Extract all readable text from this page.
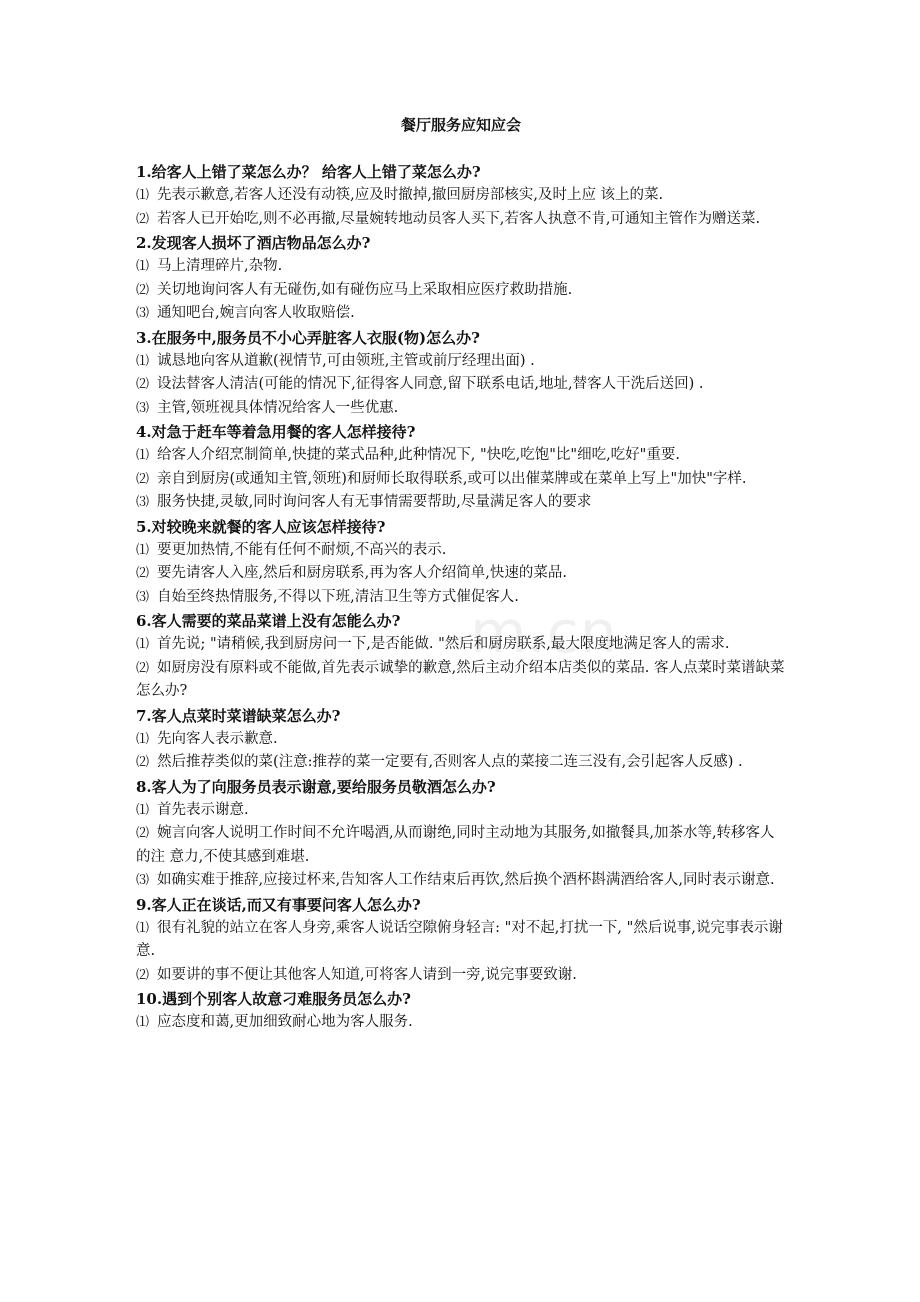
m.cn
餐厅服务应知应会
1.给客人上错了菜怎么办？ 给客人上错了菜怎么办?
⑴ 先表示歉意,若客人还没有动筷,应及时撤掉,撤回厨房部核实,及时上应 该上的菜.
⑵ 若客人已开始吃,则不必再撤,尽量婉转地动员客人买下,若客人执意不肯,可通知主管作为赠送菜.
2.发现客人损坏了酒店物品怎么办?
⑴ 马上清理碎片,杂物.
⑵ 关切地询问客人有无碰伤,如有碰伤应马上采取相应医疗救助措施.
⑶ 通知吧台,婉言向客人收取赔偿.
3.在服务中,服务员不小心弄脏客人衣服(物)怎么办?
⑴ 诚恳地向客从道歉(视情节,可由领班,主管或前厅经理出面) .
⑵ 设法替客人清洁(可能的情况下,征得客人同意,留下联系电话,地址,替客人干洗后送回) .
⑶ 主管,领班视具体情况给客人一些优惠.
4.对急于赶车等着急用餐的客人怎样接待?
⑴ 给客人介绍烹制简单,快捷的菜式品种,此种情况下, "快吃,吃饱"比"细吃,吃好"重要.
⑵ 亲自到厨房(或通知主管,领班)和厨师长取得联系,或可以出催菜牌或在菜单上写上"加快"字样.
⑶ 服务快捷,灵敏,同时询问客人有无事情需要帮助,尽量满足客人的要求
5.对较晚来就餐的客人应该怎样接待?
⑴ 要更加热情,不能有任何不耐烦,不高兴的表示.
⑵ 要先请客人入座,然后和厨房联系,再为客人介绍简单,快速的菜品.
⑶ 自始至终热情服务,不得以下班,清洁卫生等方式催促客人.
6.客人需要的菜品菜谱上没有怎能么办?
⑴ 首先说; "请稍候,我到厨房问一下,是否能做. "然后和厨房联系,最大限度地满足客人的需求.
⑵ 如厨房没有原料或不能做,首先表示诚挚的歉意,然后主动介绍本店类似的菜品. 客人点菜时菜谱缺菜怎么办?
7.客人点菜时菜谱缺菜怎么办?
⑴ 先向客人表示歉意.
⑵ 然后推荐类似的菜(注意:推荐的菜一定要有,否则客人点的菜接二连三没有,会引起客人反感) .
8.客人为了向服务员表示谢意,要给服务员敬酒怎么办?
⑴ 首先表示谢意.
⑵ 婉言向客人说明工作时间不允许喝酒,从而谢绝,同时主动地为其服务,如撤餐具,加茶水等,转移客人的注 意力,不使其感到难堪.
⑶ 如确实难于推辞,应接过杯来,告知客人工作结束后再饮,然后换个酒杯斟满酒给客人,同时表示谢意.
9.客人正在谈话,而又有事要问客人怎么办?
⑴ 很有礼貌的站立在客人身旁,乘客人说话空隙俯身轻言: "对不起,打扰一下, "然后说事,说完事表示谢意.
⑵ 如要讲的事不便让其他客人知道,可将客人请到一旁,说完事要致谢.
10.遇到个别客人故意刁难服务员怎么办?
⑴ 应态度和蔼,更加细致耐心地为客人服务.
